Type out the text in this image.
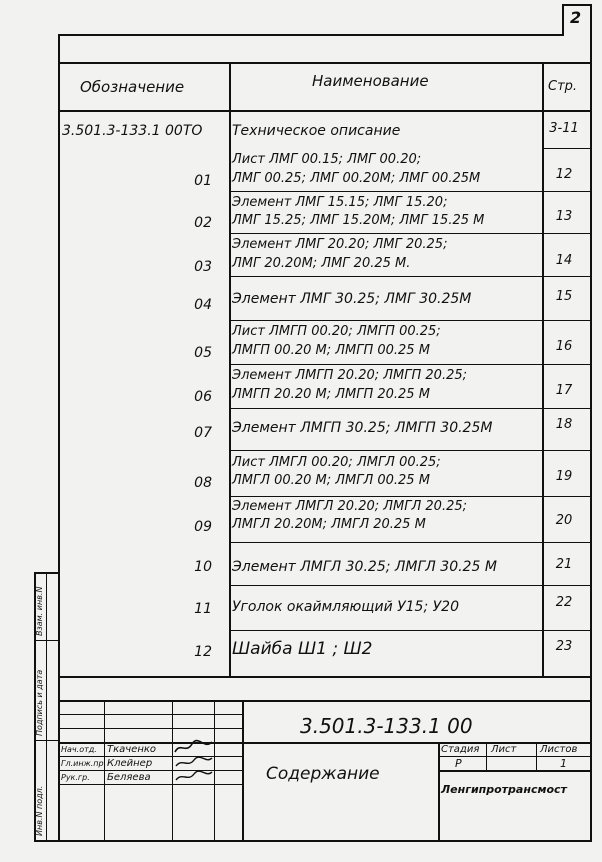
2
Обозначение	Наименование	Стр.
3.501.3-133.1 00ТО Техническое описание	3-11
01
Лист ЛМГ 00.15; ЛМГ 00.20;
ЛМГ 00.25; ЛМГ 00.20М; ЛМГ 00.25М	12
02
Элемент ЛМГ 15.15; ЛМГ 15.20;
ЛМГ 15.25; ЛМГ 15.20М; ЛМГ 15.25 М	13
03
Элемент ЛМГ 20.20; ЛМГ 20.25;
ЛМГ 20.20М; ЛМГ 20.25 М.	14
04 Элемент ЛМГ 30.25; ЛМГ 30.25М	15
05
Лист ЛМГП 00.20; ЛМГП 00.25;
ЛМГП 00.20 М; ЛМГП 00.25 М	16
06
Элемент ЛМГП 20.20; ЛМГП 20.25;
ЛМГП 20.20 М; ЛМГП 20.25 М	17
07 Элемент ЛМГП 30.25; ЛМГП 30.25М	18
08
Лист ЛМГЛ 00.20; ЛМГЛ 00.25;
ЛМГЛ 00.20 М; ЛМГЛ 00.25 М	19
09
Элемент ЛМГЛ 20.20; ЛМГЛ 20.25;
ЛМГЛ 20.20М; ЛМГЛ 20.25 М	20
10 Элемент ЛМГЛ 30.25; ЛМГЛ 30.25 М	21
11 Уголок окаймляющий У15; У20	22
12 Шайба Ш1 ; Ш2	23
Нач.отд. Ткаченко
Гл.инж.пр. Клейнер
Рук.гр. Беляева
3.501.3-133.1 00
Стадия Лист Листов
Р	1
Содержание
Ленгипротрансмост
Инв.N подл.
Подпись и дата
Взам. инв.N
